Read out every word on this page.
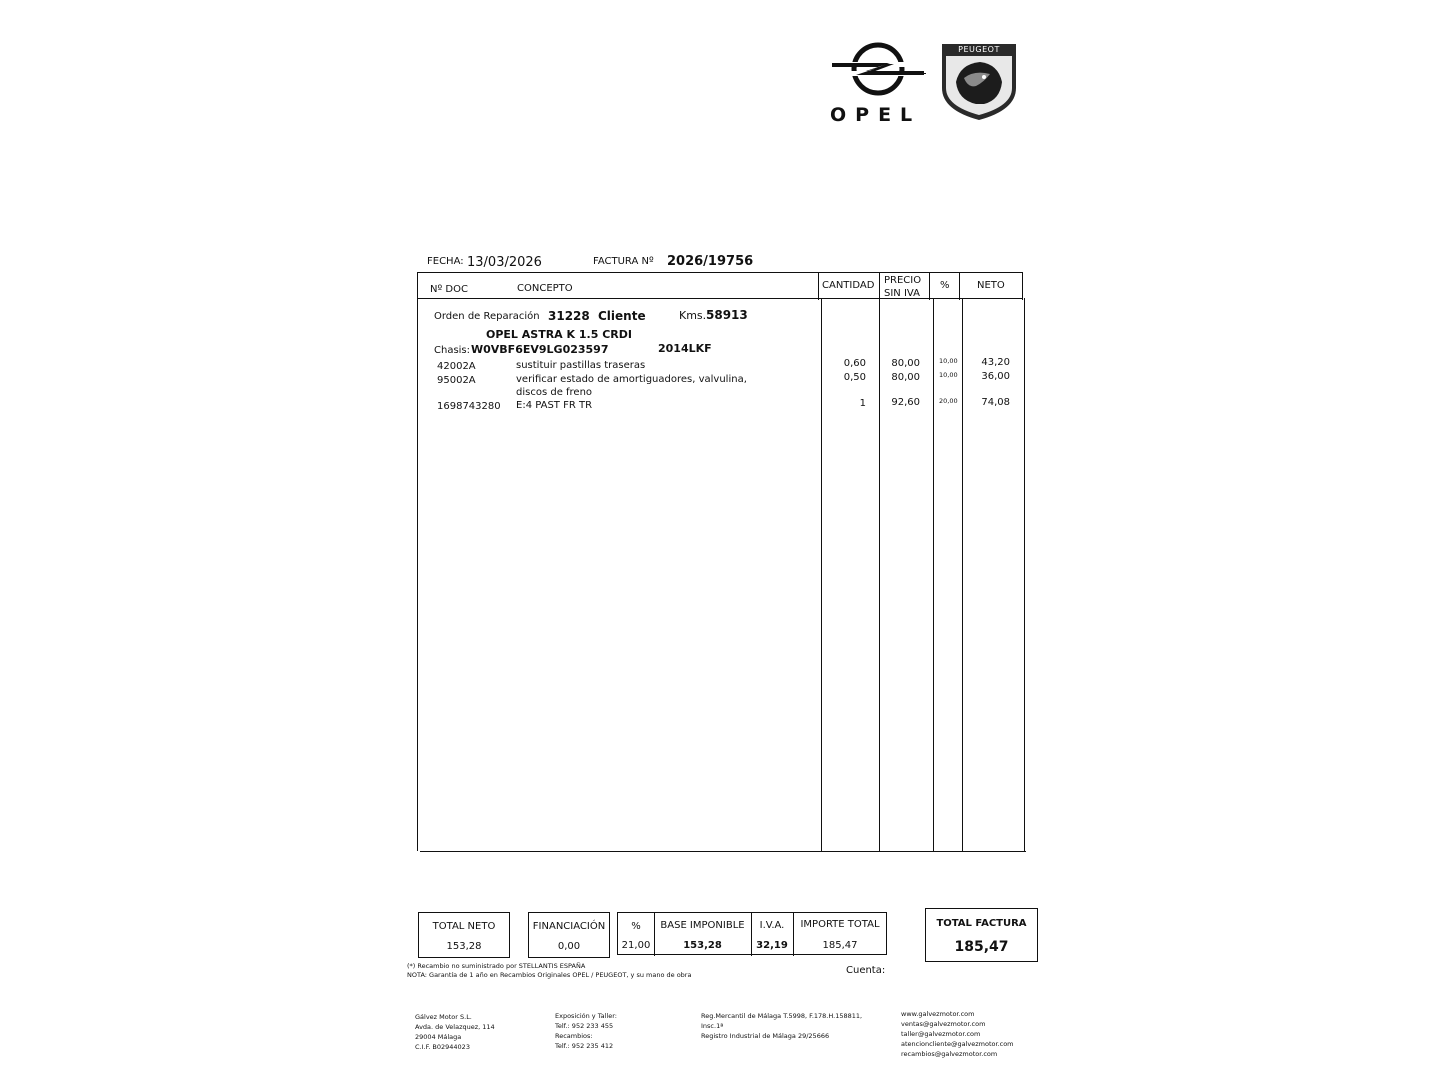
OPEL
PEUGEOT
FECHA: 13/03/2026	FACTURA Nº 2026/19756
Nº DOC	CONCEPTO	CANTIDAD PRECIO
SIN IVA
%	NETO
Orden de Reparación 31228 Cliente	Kms. 58913
OPEL ASTRA K 1.5 CRDI
Chasis: W0VBF6EV9LG023597	2014LKF
42002A	sustituir pastillas traseras	0,60	80,00	10,00	43,20
95002A	verificar estado de amortiguadores, valvulina,
discos de freno
0,50	80,00	10,00	36,00
1698743280 E:4 PAST FR TR	1	92,60	20,00	74,08
TOTAL NETO
153,28
FINANCIACIÓN
0,00
%
21,00
BASE IMPONIBLE
153,28
I.V.A.
32,19
IMPORTE TOTAL
185,47
TOTAL FACTURA
185,47
(*) Recambio no suministrado por STELLANTIS ESPAÑA
NOTA: Garantía de 1 año en Recambios Originales OPEL / PEUGEOT, y su mano de obra	Cuenta:
Gálvez Motor S.L.
Avda. de Velazquez, 114
29004 Málaga
C.I.F. B02944023
Exposición y Taller:
Telf.: 952 233 455
Recambios:
Telf.: 952 235 412
Reg.Mercantil de Málaga T.5998, F.178.H.158811,
Insc.1ª
Registro Industrial de Málaga 29/25666
www.galvezmotor.com
ventas@galvezmotor.com
taller@galvezmotor.com
atencioncliente@galvezmotor.com
recambios@galvezmotor.com
